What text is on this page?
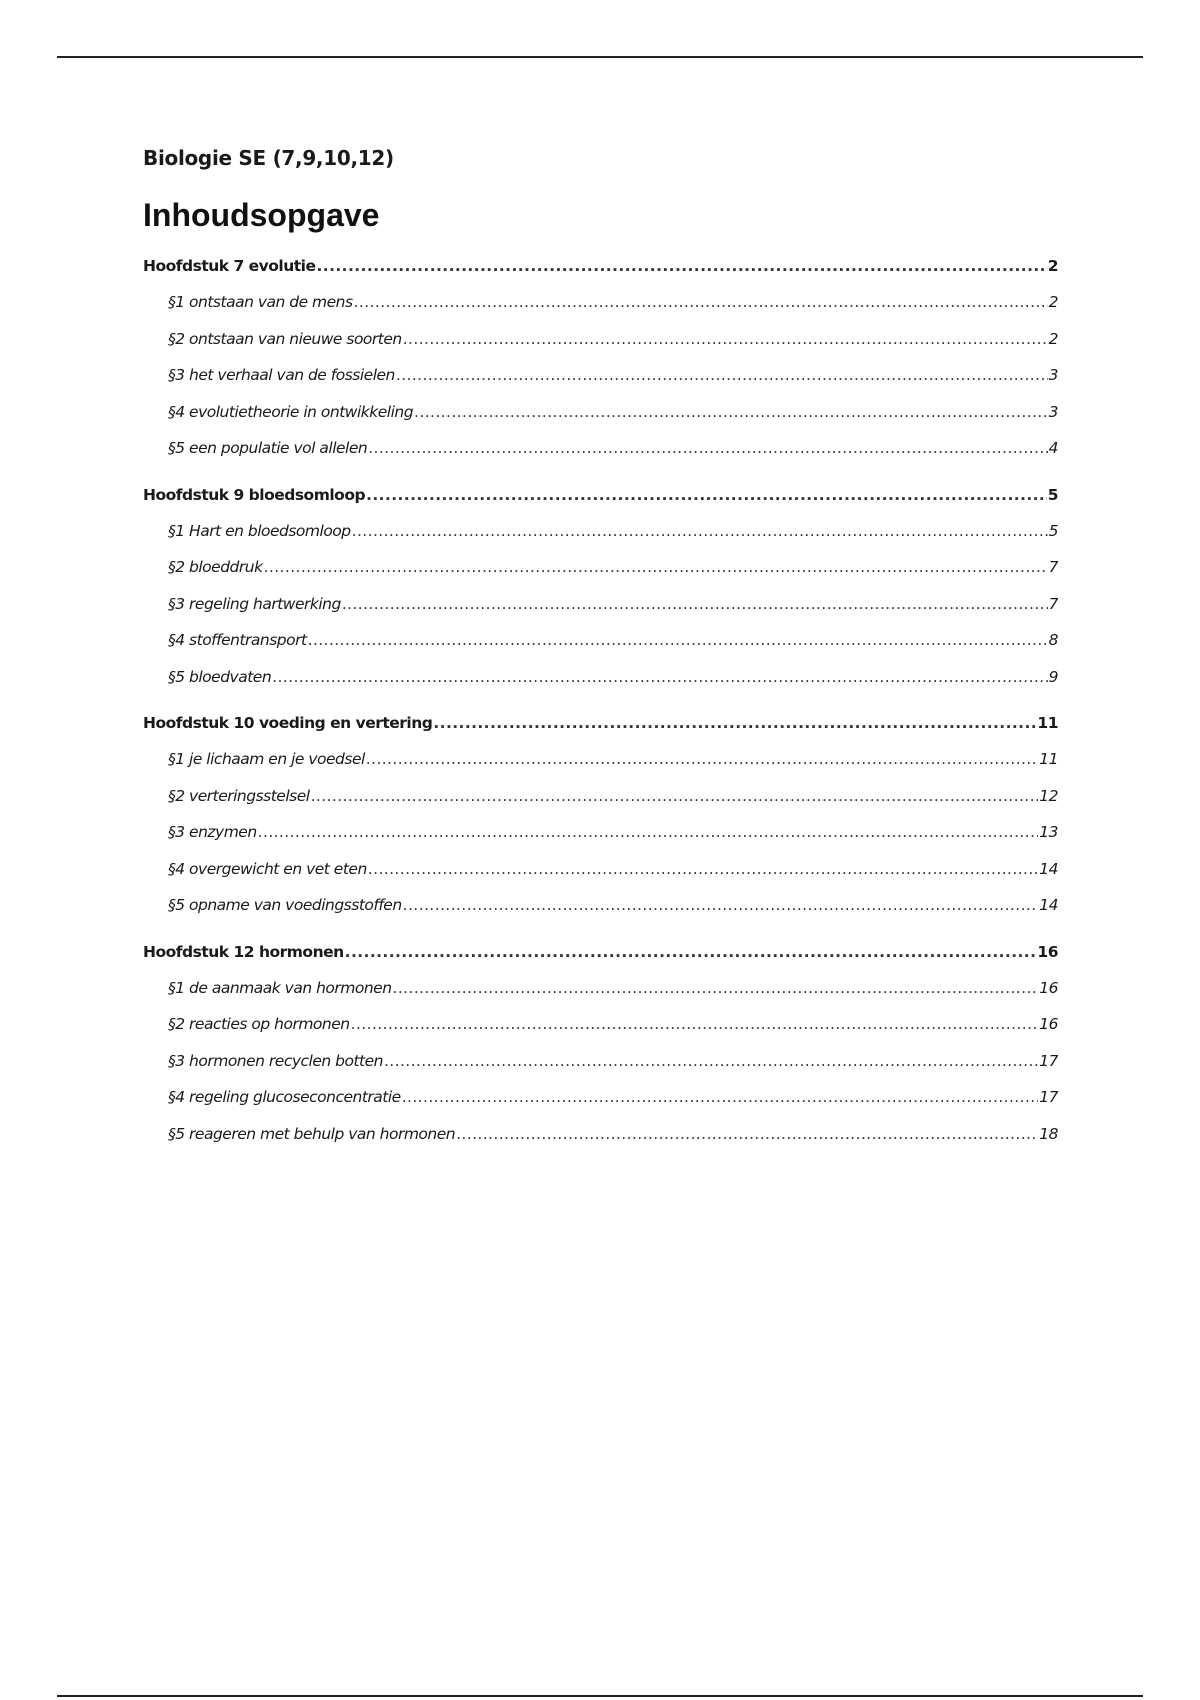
Biologie SE (7,9,10,12)
Inhoudsopgave
Hoofdstuk 7 evolutie .....	2
§1 ontstaan van de mens .....	2
§2 ontstaan van nieuwe soorten .....	2
§3 het verhaal van de fossielen .....	3
§4 evolutietheorie in ontwikkeling .....	3
§5 een populatie vol allelen .....	4
Hoofdstuk 9 bloedsomloop .....	5
§1 Hart en bloedsomloop .....	5
§2 bloeddruk .....	7
§3 regeling hartwerking .....	7
§4 stoffentransport .....	8
§5 bloedvaten .....	9
Hoofdstuk 10 voeding en vertering .....	11
§1 je lichaam en je voedsel .....	11
§2 verteringsstelsel .....	12
§3 enzymen .....	13
§4 overgewicht en vet eten .....	14
§5 opname van voedingsstoffen .....	14
Hoofdstuk 12 hormonen .....	16
§1 de aanmaak van hormonen .....	16
§2 reacties op hormonen .....	16
§3 hormonen recyclen botten .....	17
§4 regeling glucoseconcentratie .....	17
§5 reageren met behulp van hormonen .....	18
